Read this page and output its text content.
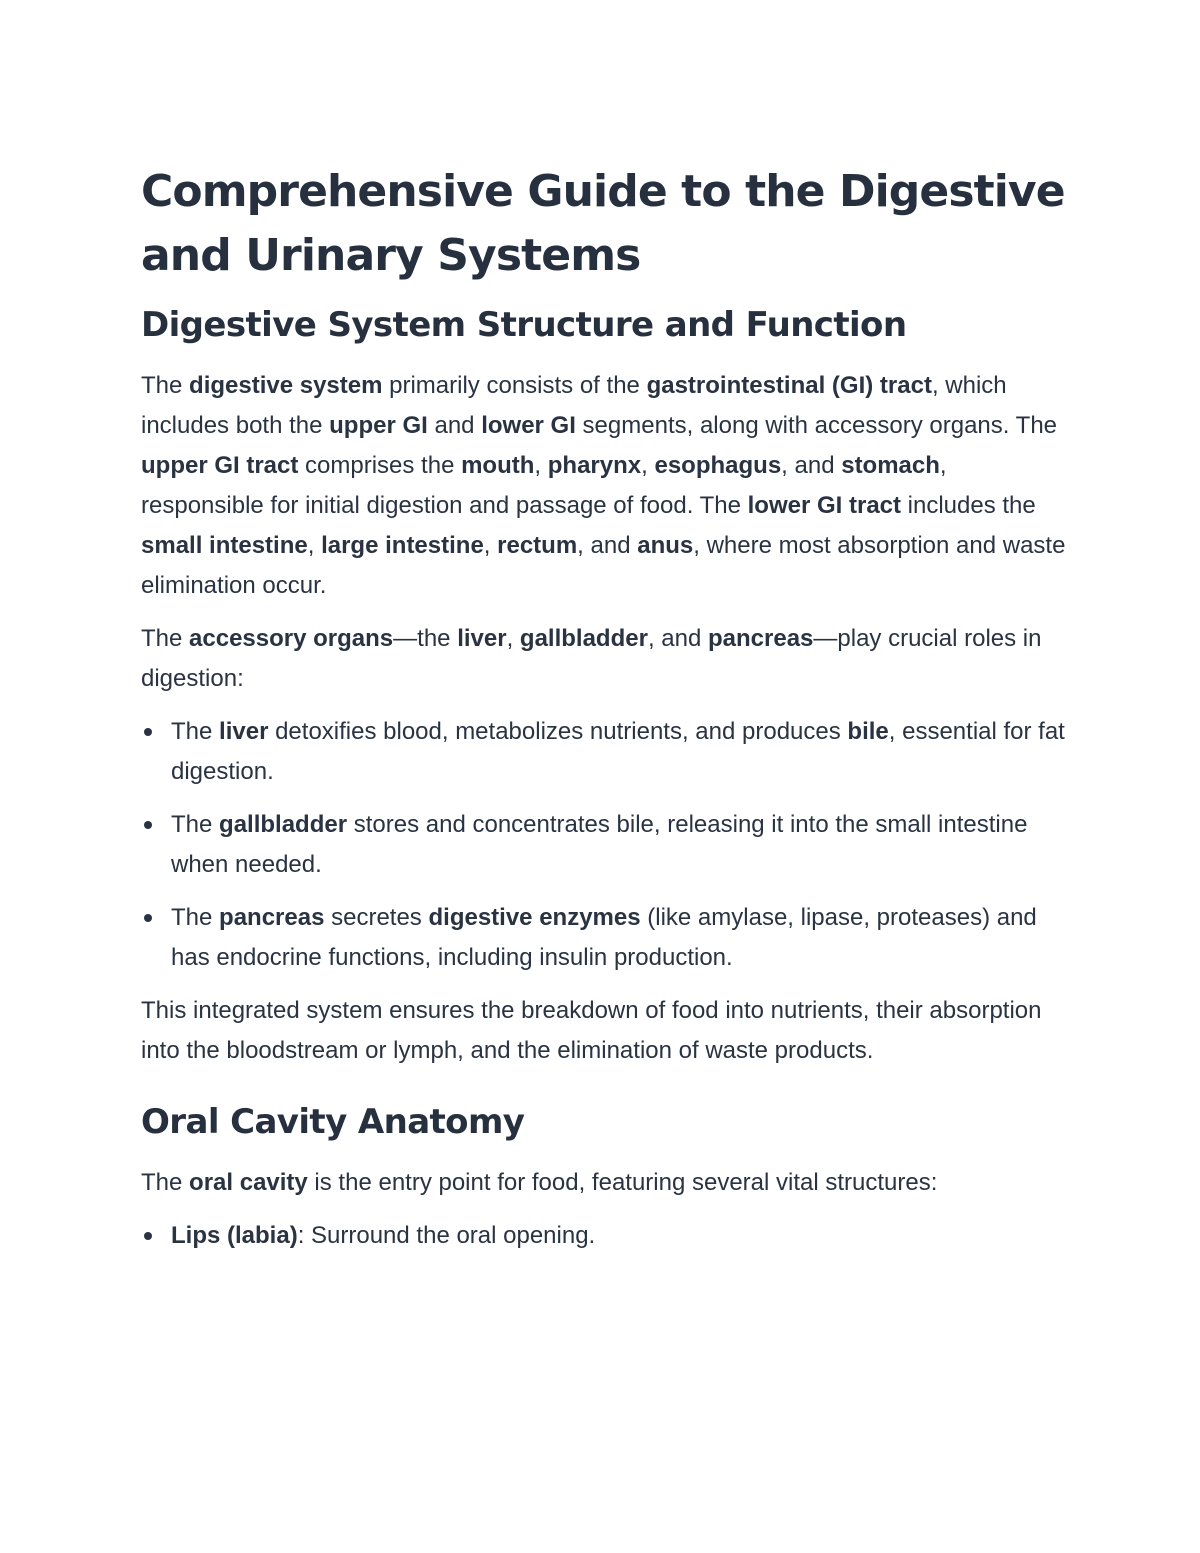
Comprehensive Guide to the Digestive and Urinary Systems
Digestive System Structure and Function

The digestive system primarily consists of the gastrointestinal (GI) tract, which includes both the upper GI and lower GI segments, along with accessory organs. The upper GI tract comprises the mouth, pharynx, esophagus, and stomach, responsible for initial digestion and passage of food. The lower GI tract includes the small intestine, large intestine, rectum, and anus, where most absorption and waste elimination occur.

The accessory organs—the liver, gallbladder, and pancreas—play crucial roles in digestion:

The liver detoxifies blood, metabolizes nutrients, and produces bile, essential for fat digestion.
The gallbladder stores and concentrates bile, releasing it into the small intestine when needed.
The pancreas secretes digestive enzymes (like amylase, lipase, proteases) and has endocrine functions, including insulin production.

This integrated system ensures the breakdown of food into nutrients, their absorption into the bloodstream or lymph, and the elimination of waste products.

Oral Cavity Anatomy

The oral cavity is the entry point for food, featuring several vital structures:

Lips (labia): Surround the oral opening.
